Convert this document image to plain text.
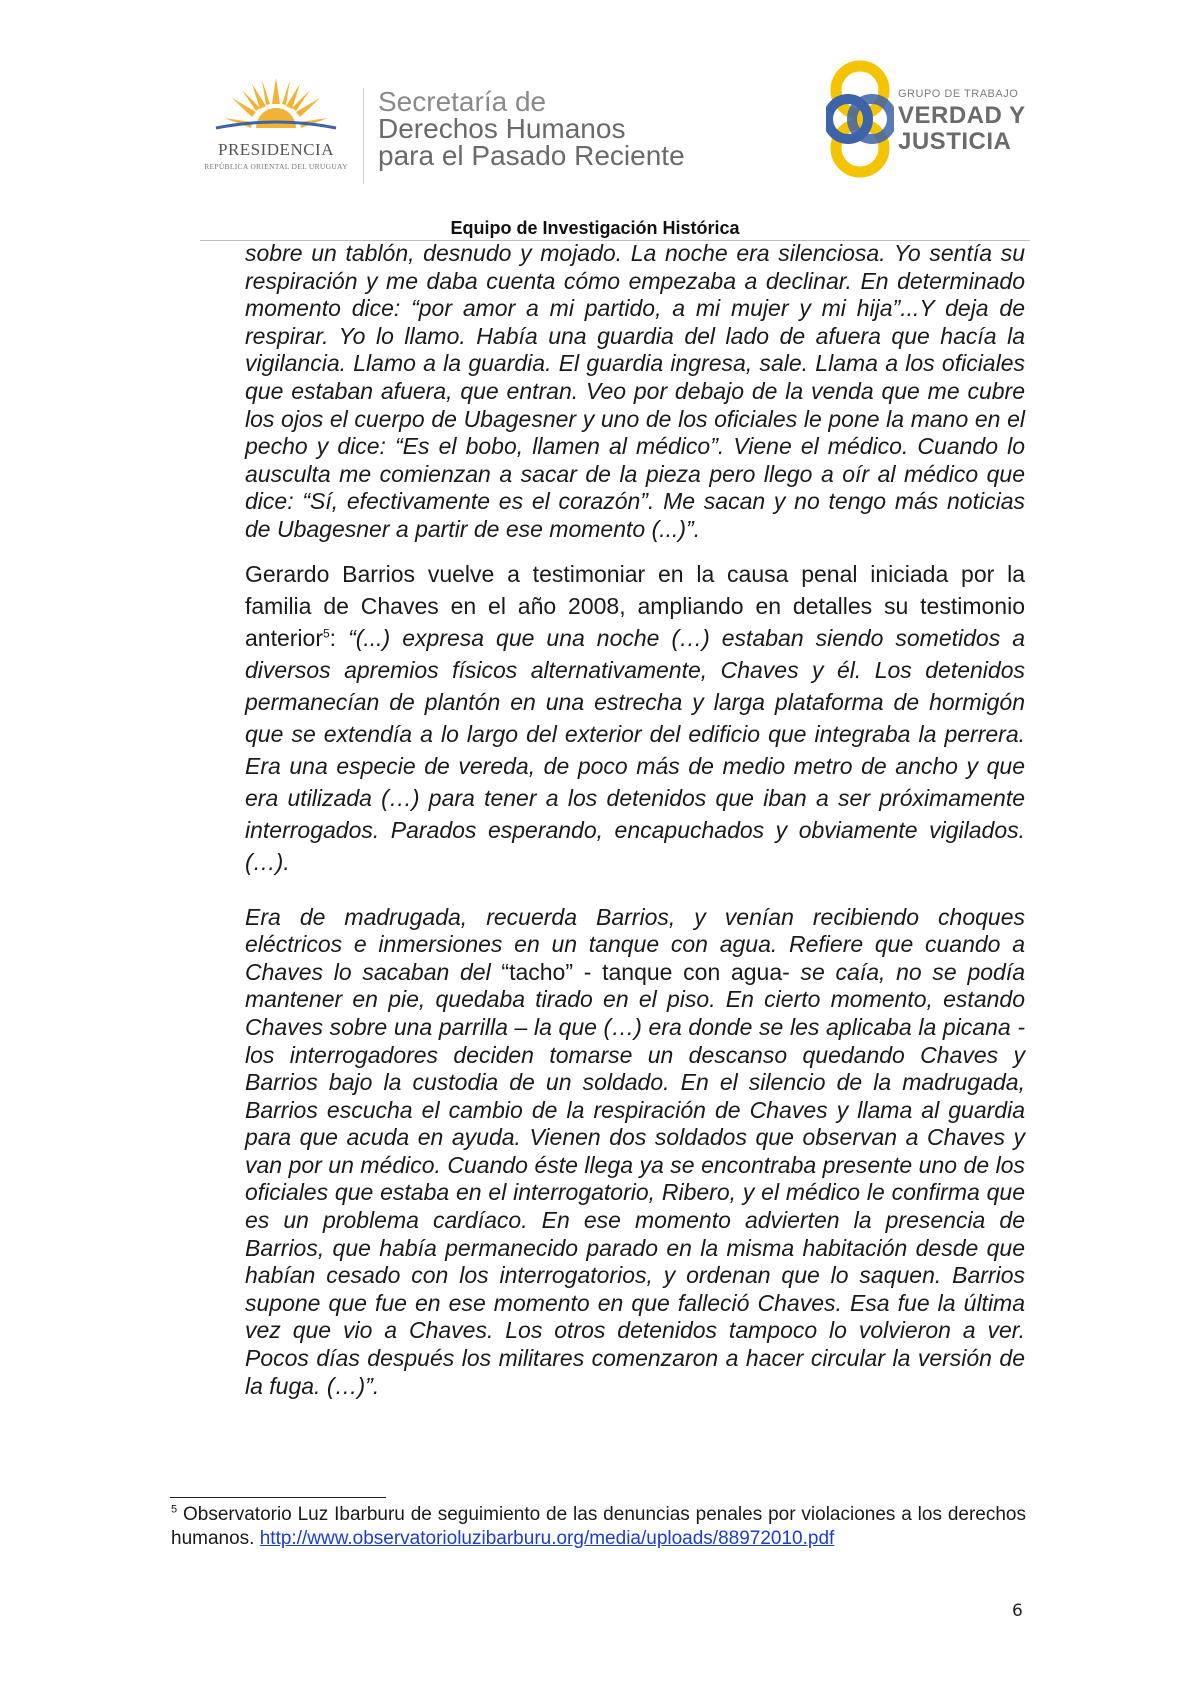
PRESIDENCIA
REPÚBLICA ORIENTAL DEL URUGUAY
Secretaría de
Derechos Humanos
para el Pasado Reciente
GRUPO DE TRABAJO
VERDAD Y
JUSTICIA
Equipo de Investigación Histórica

sobre un tablón, desnudo y mojado. La noche era silenciosa. Yo sentía su respiración y me daba cuenta cómo empezaba a declinar. En determinado momento dice: “por amor a mi partido, a mi mujer y mi hija”...Y deja de respirar. Yo lo llamo. Había una guardia del lado de afuera que hacía la vigilancia. Llamo a la guardia. El guardia ingresa, sale. Llama a los oficiales que estaban afuera, que entran. Veo por debajo de la venda que me cubre los ojos el cuerpo de Ubagesner y uno de los oficiales le pone la mano en el pecho y dice: “Es el bobo, llamen al médico”. Viene el médico. Cuando lo ausculta me comienzan a sacar de la pieza pero llego a oír al médico que dice: “Sí, efectivamente es el corazón”. Me sacan y no tengo más noticias de Ubagesner a partir de ese momento (...)”.

Gerardo Barrios vuelve a testimoniar en la causa penal iniciada por la familia de Chaves en el año 2008, ampliando en detalles su testimonio anterior$^5$: “(...) expresa que una noche (…) estaban siendo sometidos a diversos apremios físicos alternativamente, Chaves y él. Los detenidos permanecían de plantón en una estrecha y larga plataforma de hormigón que se extendía a lo largo del exterior del edificio que integraba la perrera. Era una especie de vereda, de poco más de medio metro de ancho y que era utilizada (…) para tener a los detenidos que iban a ser próximamente interrogados. Parados esperando, encapuchados y obviamente vigilados. (…).

Era de madrugada, recuerda Barrios, y venían recibiendo choques eléctricos e inmersiones en un tanque con agua. Refiere que cuando a Chaves lo sacaban del “tacho” - tanque con agua- se caía, no se podía mantener en pie, quedaba tirado en el piso. En cierto momento, estando Chaves sobre una parrilla – la que (…) era donde se les aplicaba la picana - los interrogadores deciden tomarse un descanso quedando Chaves y Barrios bajo la custodia de un soldado. En el silencio de la madrugada, Barrios escucha el cambio de la respiración de Chaves y llama al guardia para que acuda en ayuda. Vienen dos soldados que observan a Chaves y van por un médico. Cuando éste llega ya se encontraba presente uno de los oficiales que estaba en el interrogatorio, Ribero, y el médico le confirma que es un problema cardíaco. En ese momento advierten la presencia de Barrios, que había permanecido parado en la misma habitación desde que habían cesado con los interrogatorios, y ordenan que lo saquen. Barrios supone que fue en ese momento en que falleció Chaves. Esa fue la última vez que vio a Chaves. Los otros detenidos tampoco lo volvieron a ver. Pocos días después los militares comenzaron a hacer circular la versión de la fuga. (…)”.

$^5$ Observatorio Luz Ibarburu de seguimiento de las denuncias penales por violaciones a los derechos humanos. http://www.observatorioluzibarburu.org/media/uploads/88972010.pdf
6
